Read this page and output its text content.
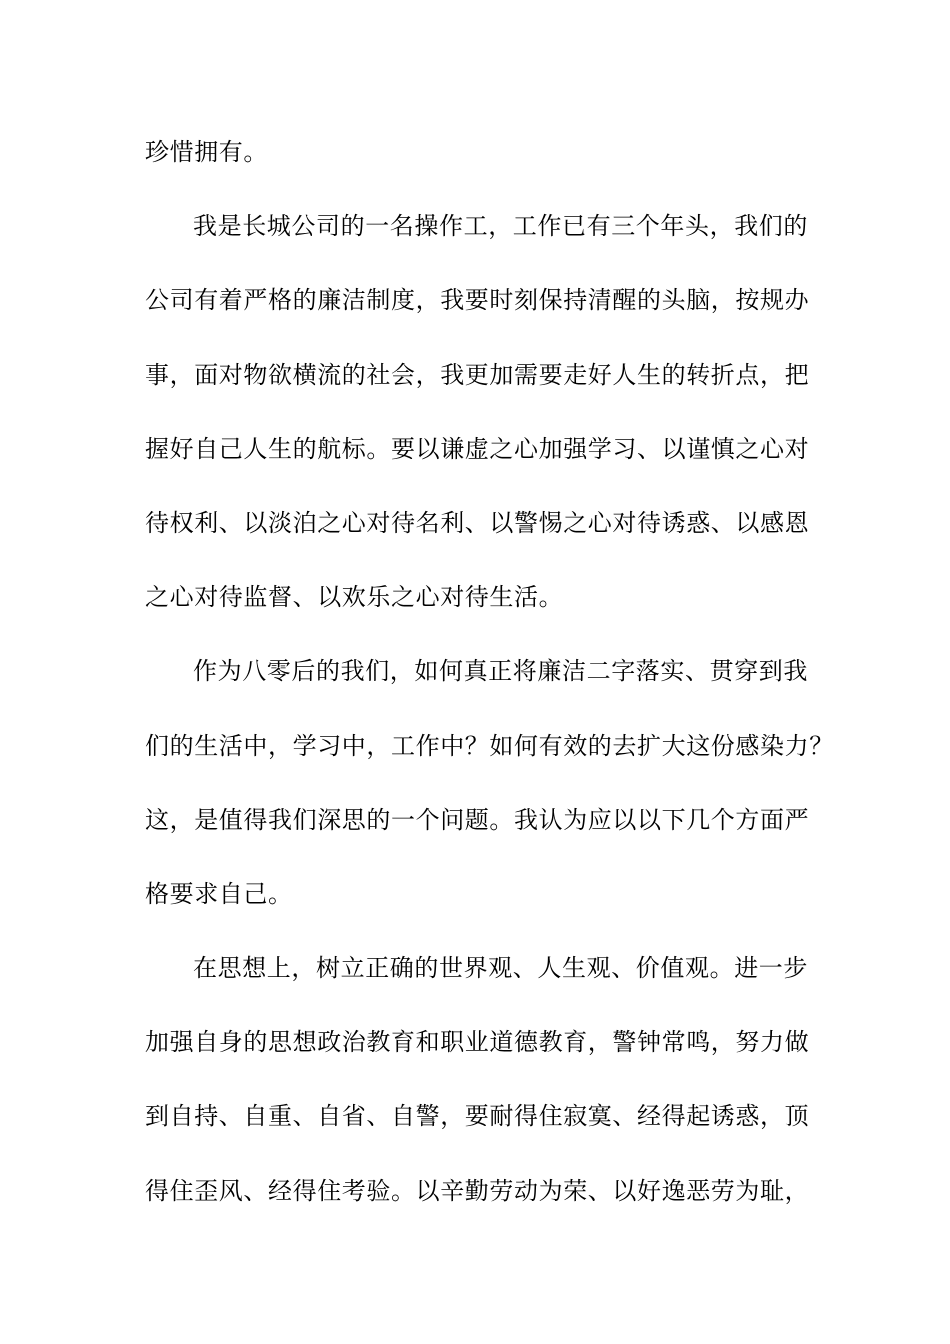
珍惜拥有。
我是长城公司的一名操作工，工作已有三个年头，我们的
公司有着严格的廉洁制度，我要时刻保持清醒的头脑，按规办
事，面对物欲横流的社会，我更加需要走好人生的转折点，把
握好自己人生的航标。要以谦虚之心加强学习、以谨慎之心对
待权利、以淡泊之心对待名利、以警惕之心对待诱惑、以感恩
之心对待监督、以欢乐之心对待生活。
作为八零后的我们，如何真正将廉洁二字落实、贯穿到我
们的生活中，学习中，工作中？如何有效的去扩大这份感染力？
这，是值得我们深思的一个问题。我认为应以以下几个方面严
格要求自己。
在思想上，树立正确的世界观、人生观、价值观。进一步
加强自身的思想政治教育和职业道德教育，警钟常鸣，努力做
到自持、自重、自省、自警，要耐得住寂寞、经得起诱惑，顶
得住歪风、经得住考验。以辛勤劳动为荣、以好逸恶劳为耻，
